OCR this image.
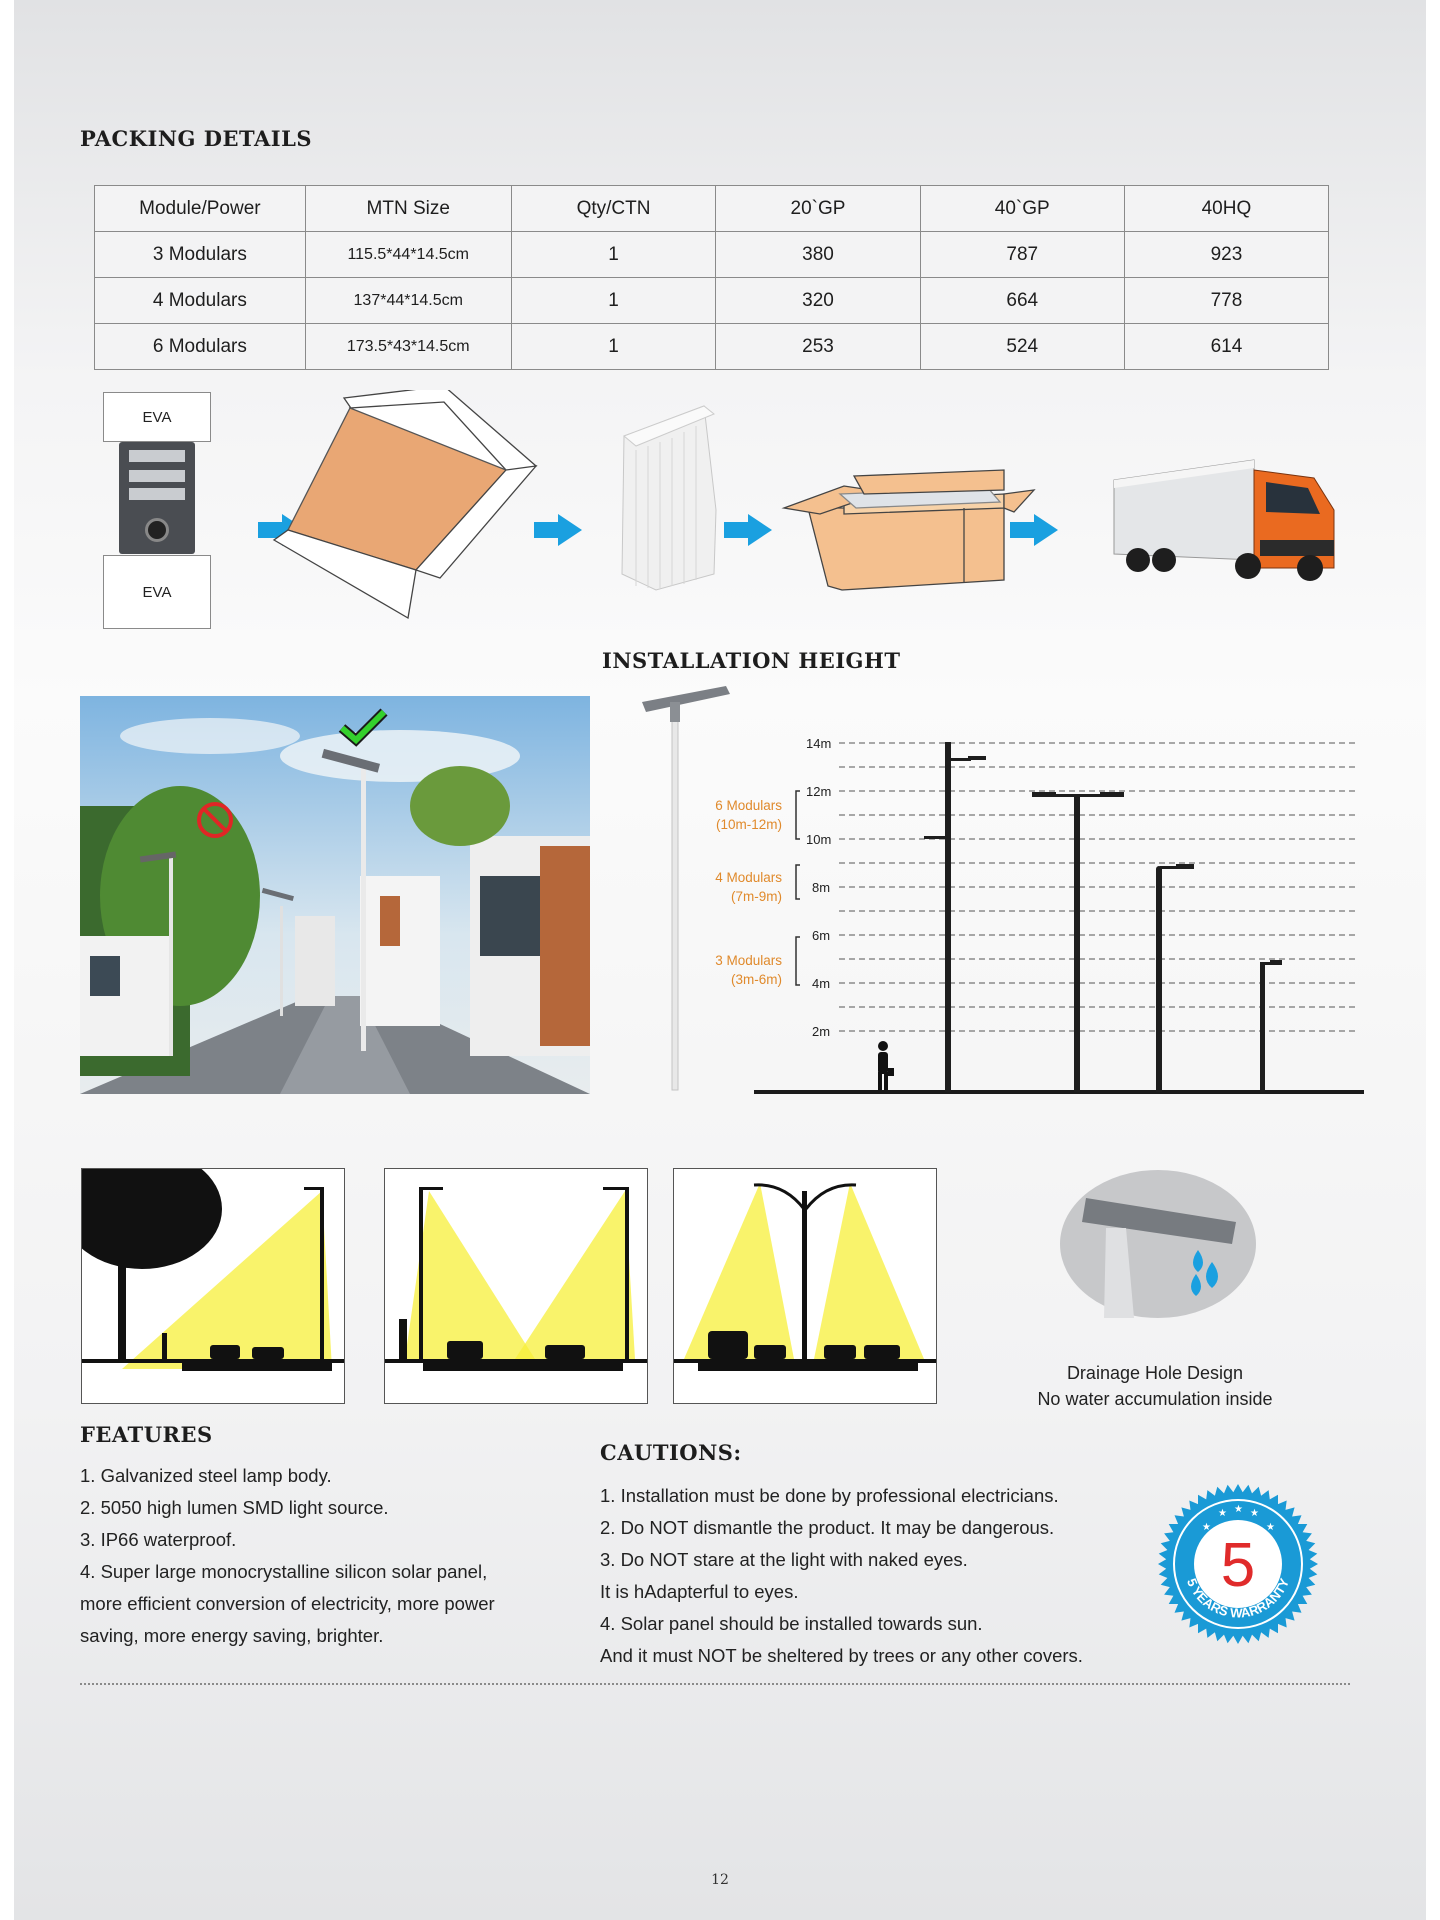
PACKING DETAILS
Module/Power	MTN Size	Qty/CTN	20`GP	40`GP	40HQ
3 Modulars	115.5*44*14.5cm	1	380	787	923
4 Modulars	137*44*14.5cm	1	320	664	778
6 Modulars	173.5*43*14.5cm	1	253	524	614
EVA
EVA
INSTALLATION HEIGHT
14m
12m
10m
8m
6m
4m
2m
6 Modulars
(10m-12m)
4 Modulars
(7m-9m)
3 Modulars
(3m-6m)
Drainage Hole Design
No water accumulation inside
FEATURES

1. Galvanized steel lamp body.

2. 5050 high lumen SMD light source.

3. IP66 waterproof.

4. Super large monocrystalline silicon solar panel,

more efficient conversion of electricity, more power

saving, more energy saving, brighter.

CAUTIONS:

1. Installation must be done by professional electricians.

2. Do NOT dismantle the product. It may be dangerous.

3. Do NOT stare at the light with naked eyes.

It is hAdapterful to eyes.

4. Solar panel should be installed towards sun.

And it must NOT be sheltered by trees or any other covers.

5
5 YEARS WARRANTY
★
★ ★ ★
★
12
